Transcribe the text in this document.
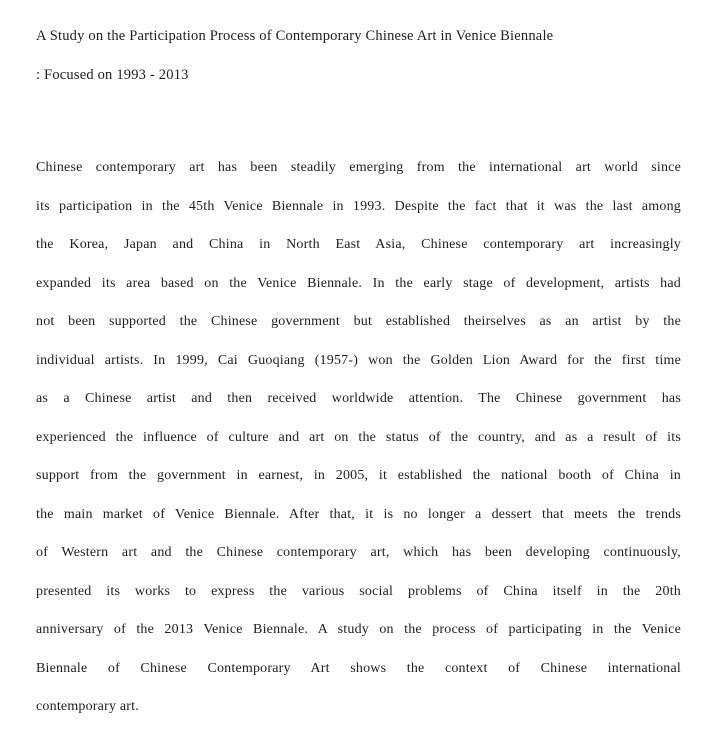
A Study on the Participation Process of Contemporary Chinese Art in Venice Biennale
: Focused on 1993 - 2013
Chinese contemporary art has been steadily emerging from the international art world since
its participation in the 45th Venice Biennale in 1993. Despite the fact that it was the last among
the Korea, Japan and China in North East Asia, Chinese contemporary art increasingly
expanded its area based on the Venice Biennale. In the early stage of development, artists had
not been supported the Chinese government but established theirselves as an artist by the
individual artists. In 1999, Cai Guoqiang (1957-) won the Golden Lion Award for the first time
as a Chinese artist and then received worldwide attention. The Chinese government has
experienced the influence of culture and art on the status of the country, and as a result of its
support from the government in earnest, in 2005, it established the national booth of China in
the main market of Venice Biennale. After that, it is no longer a dessert that meets the trends
of Western art and the Chinese contemporary art, which has been developing continuously,
presented its works to express the various social problems of China itself in the 20th
anniversary of the 2013 Venice Biennale. A study on the process of participating in the Venice
Biennale of Chinese Contemporary Art shows the context of Chinese international
contemporary art.
